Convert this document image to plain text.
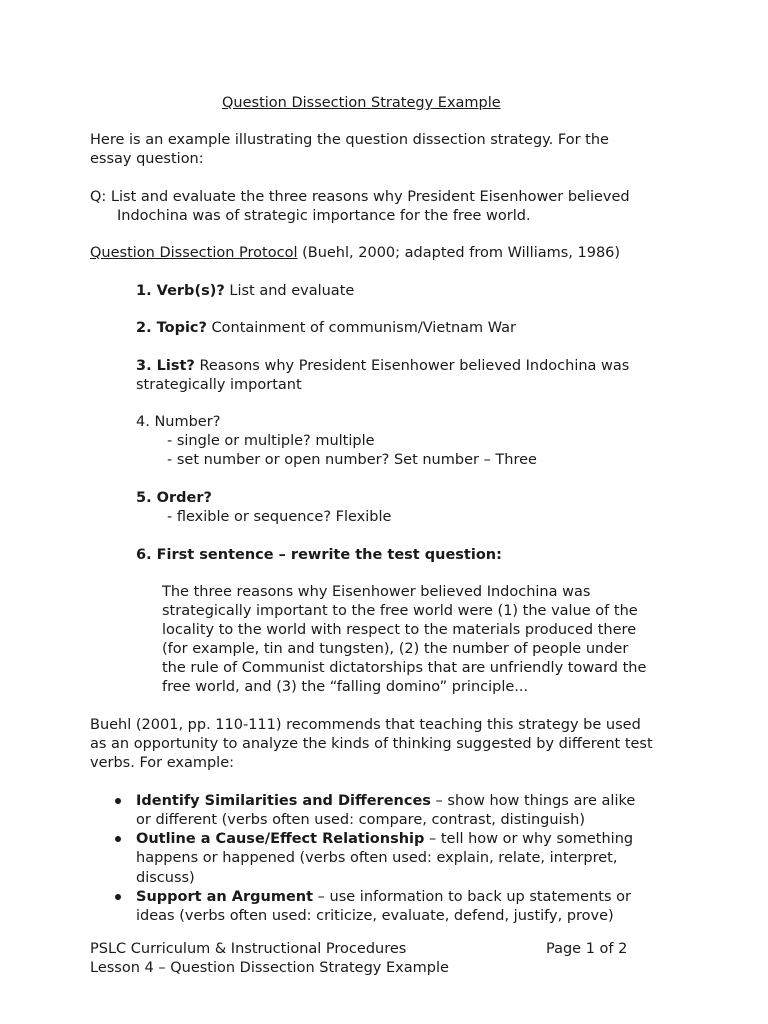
Question Dissection Strategy Example
Here is an example illustrating the question dissection strategy. For the
essay question:
Q: List and evaluate the three reasons why President Eisenhower believed
Indochina was of strategic importance for the free world.
Question Dissection Protocol (Buehl, 2000; adapted from Williams, 1986)
1. Verb(s)? List and evaluate
2. Topic? Containment of communism/Vietnam War
3. List? Reasons why President Eisenhower believed Indochina was
strategically important
4. Number?
- single or multiple? multiple
- set number or open number? Set number – Three
5. Order?
- flexible or sequence? Flexible
6. First sentence – rewrite the test question:
The three reasons why Eisenhower believed Indochina was
strategically important to the free world were (1) the value of the
locality to the world with respect to the materials produced there
(for example, tin and tungsten), (2) the number of people under
the rule of Communist dictatorships that are unfriendly toward the
free world, and (3) the “falling domino” principle...
Buehl (2001, pp. 110-111) recommends that teaching this strategy be used
as an opportunity to analyze the kinds of thinking suggested by different test
verbs. For example:
Identify Similarities and Differences – show how things are alike
or different (verbs often used: compare, contrast, distinguish)
Outline a Cause/Effect Relationship – tell how or why something
happens or happened (verbs often used: explain, relate, interpret,
discuss)
Support an Argument – use information to back up statements or
ideas (verbs often used: criticize, evaluate, defend, justify, prove)
PSLC Curriculum & Instructional Procedures	Page 1 of 2
Lesson 4 – Question Dissection Strategy Example
